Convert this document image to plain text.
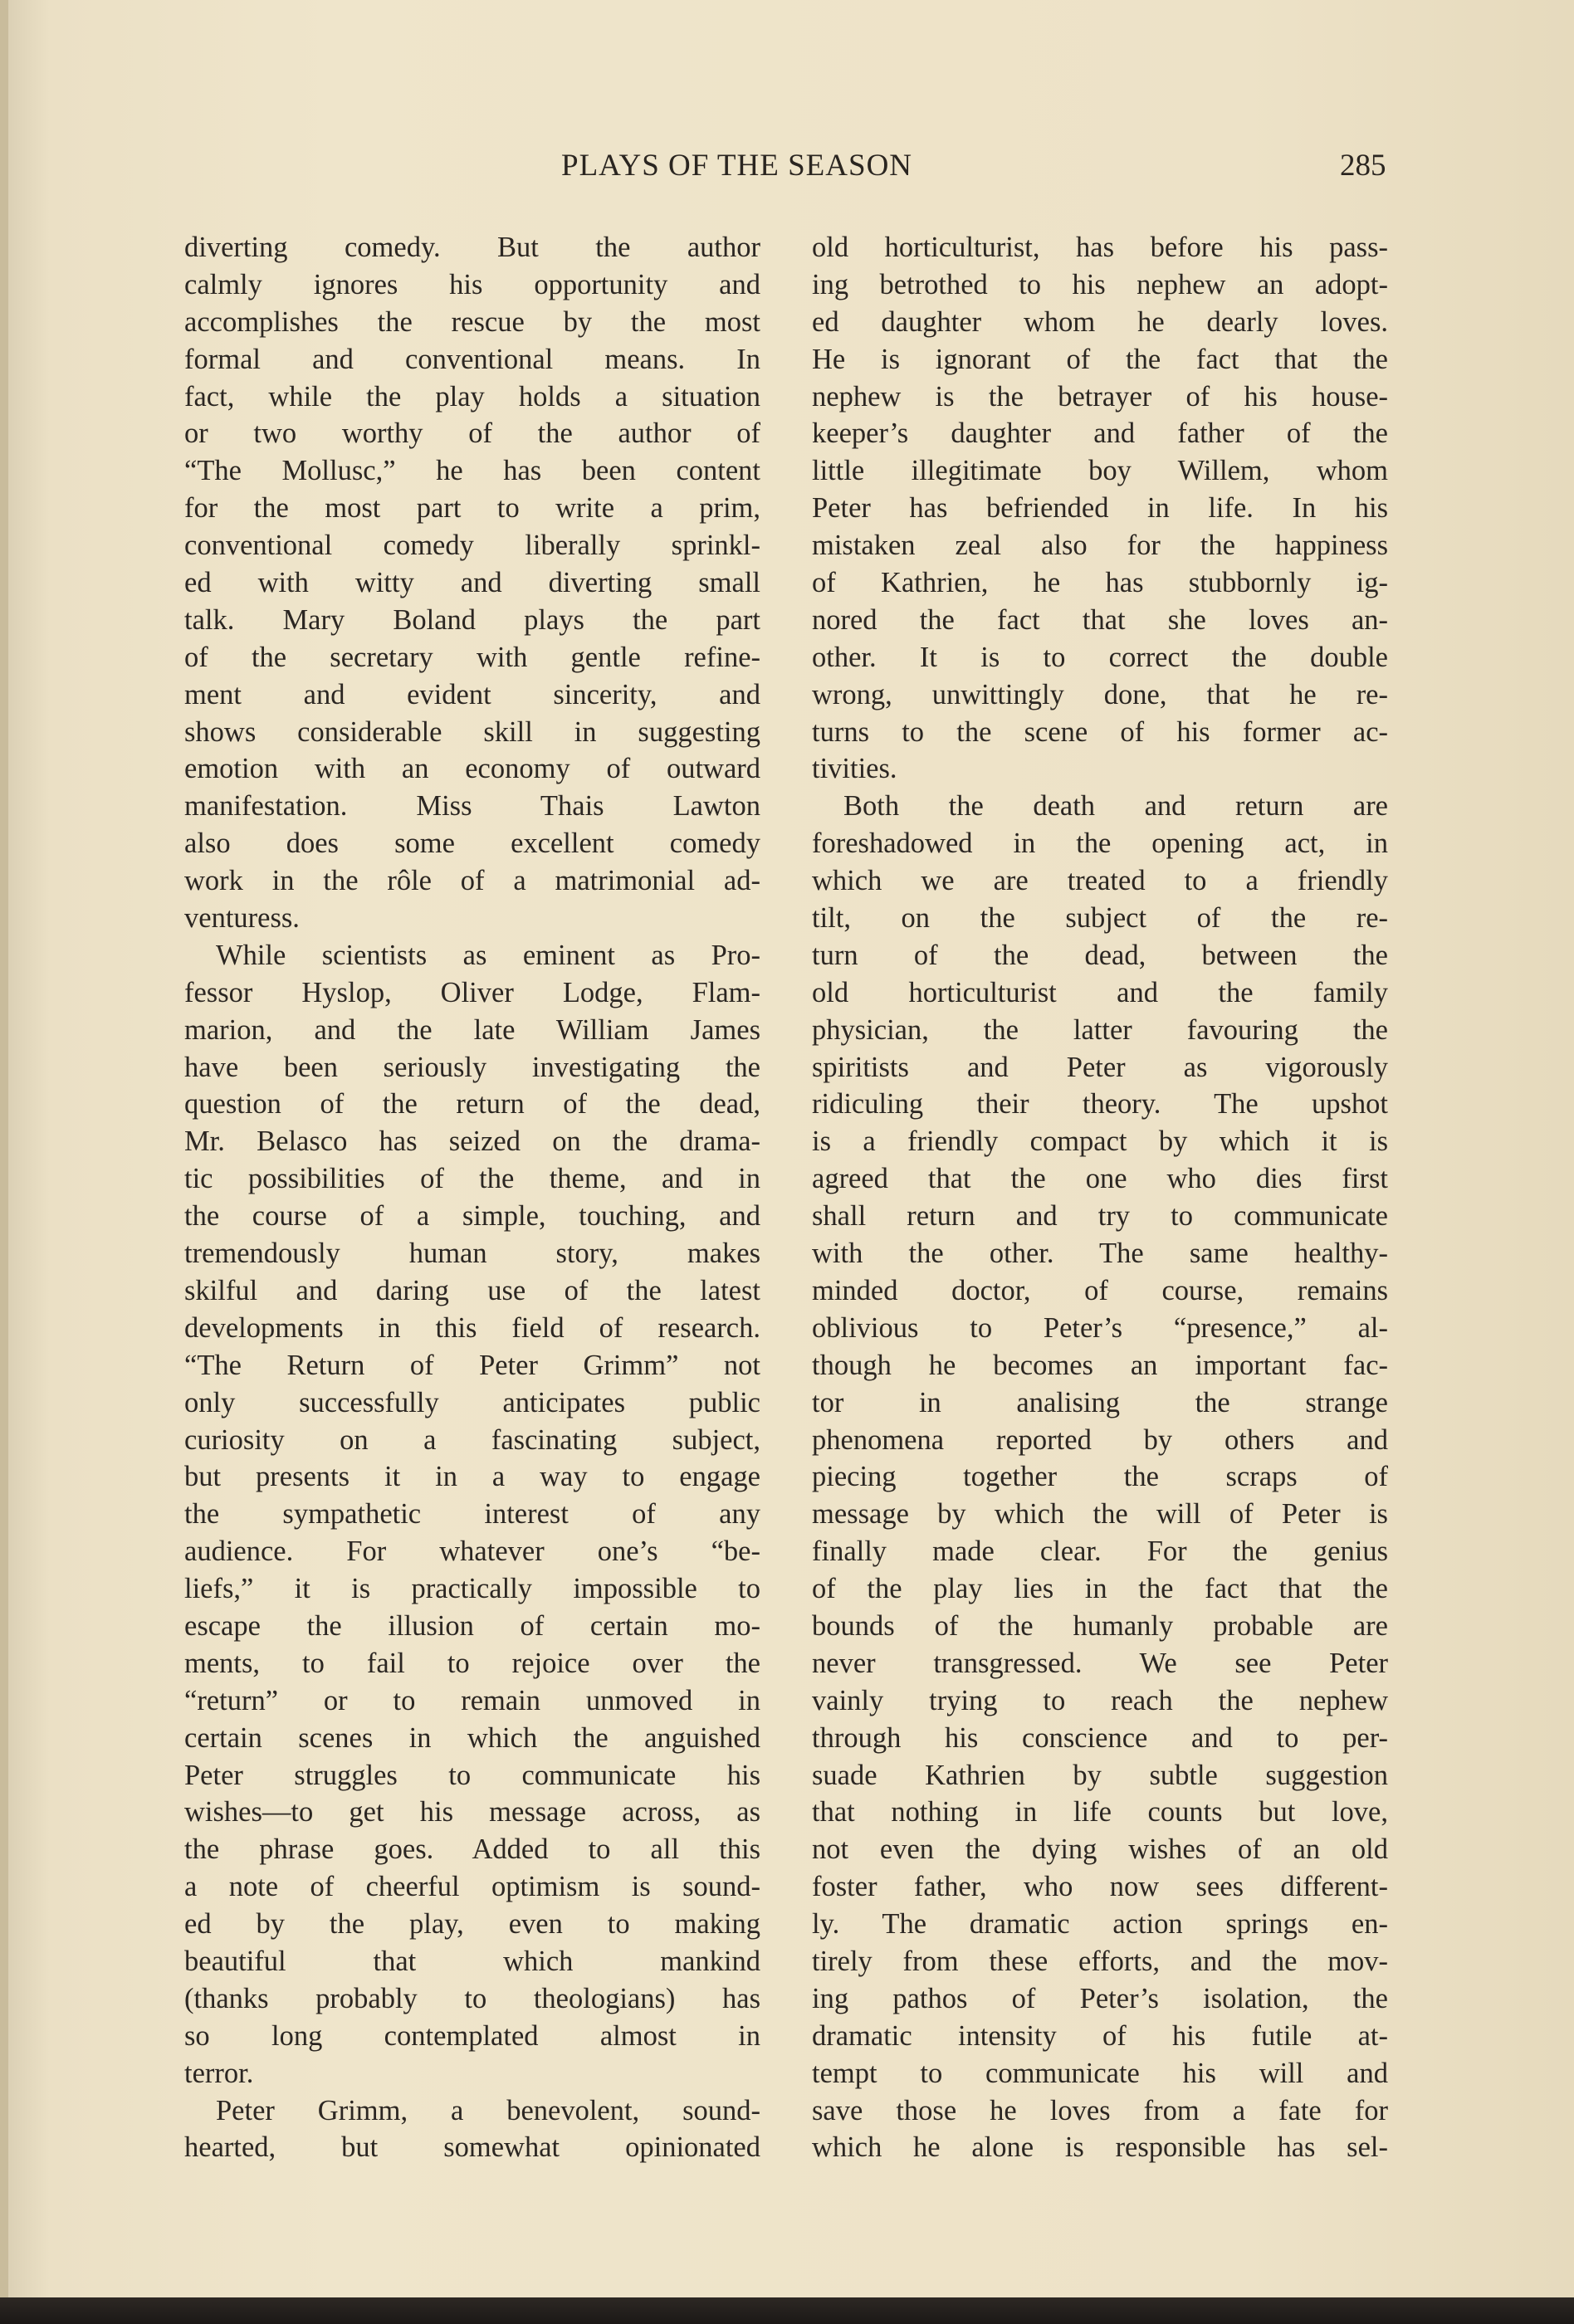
PLAYS OF THE SEASON	285
diverting comedy. But the author
calmly ignores his opportunity and
accomplishes the rescue by the most
formal and conventional means. In
fact, while the play holds a situation
or two worthy of the author of
“The Mollusc,” he has been content
for the most part to write a prim,
conventional comedy liberally sprinkl-
ed with witty and diverting small
talk. Mary Boland plays the part
of the secretary with gentle refine-
ment and evident sincerity, and
shows considerable skill in suggesting
emotion with an economy of outward
manifestation. Miss Thais Lawton
also does some excellent comedy
work in the rôle of a matrimonial ad-
venturess.
While scientists as eminent as Pro-
fessor Hyslop, Oliver Lodge, Flam-
marion, and the late William James
have been seriously investigating the
question of the return of the dead,
Mr. Belasco has seized on the drama-
tic possibilities of the theme, and in
the course of a simple, touching, and
tremendously human story, makes
skilful and daring use of the latest
developments in this field of research.
“The Return of Peter Grimm” not
only successfully anticipates public
curiosity on a fascinating subject,
but presents it in a way to engage
the sympathetic interest of any
audience. For whatever one’s “be-
liefs,” it is practically impossible to
escape the illusion of certain mo-
ments, to fail to rejoice over the
“return” or to remain unmoved in
certain scenes in which the anguished
Peter struggles to communicate his
wishes—to get his message across, as
the phrase goes. Added to all this
a note of cheerful optimism is sound-
ed by the play, even to making
beautiful that which mankind
(thanks probably to theologians) has
so long contemplated almost in
terror.
Peter Grimm, a benevolent, sound-
hearted, but somewhat opinionated
old horticulturist, has before his pass-
ing betrothed to his nephew an adopt-
ed daughter whom he dearly loves.
He is ignorant of the fact that the
nephew is the betrayer of his house-
keeper’s daughter and father of the
little illegitimate boy Willem, whom
Peter has befriended in life. In his
mistaken zeal also for the happiness
of Kathrien, he has stubbornly ig-
nored the fact that she loves an-
other. It is to correct the double
wrong, unwittingly done, that he re-
turns to the scene of his former ac-
tivities.
Both the death and return are
foreshadowed in the opening act, in
which we are treated to a friendly
tilt, on the subject of the re-
turn of the dead, between the
old horticulturist and the family
physician, the latter favouring the
spiritists and Peter as vigorously
ridiculing their theory. The upshot
is a friendly compact by which it is
agreed that the one who dies first
shall return and try to communicate
with the other. The same healthy-
minded doctor, of course, remains
oblivious to Peter’s “presence,” al-
though he becomes an important fac-
tor in analising the strange
phenomena reported by others and
piecing together the scraps of
message by which the will of Peter is
finally made clear. For the genius
of the play lies in the fact that the
bounds of the humanly probable are
never transgressed. We see Peter
vainly trying to reach the nephew
through his conscience and to per-
suade Kathrien by subtle suggestion
that nothing in life counts but love,
not even the dying wishes of an old
foster father, who now sees different-
ly. The dramatic action springs en-
tirely from these efforts, and the mov-
ing pathos of Peter’s isolation, the
dramatic intensity of his futile at-
tempt to communicate his will and
save those he loves from a fate for
which he alone is responsible has sel-
